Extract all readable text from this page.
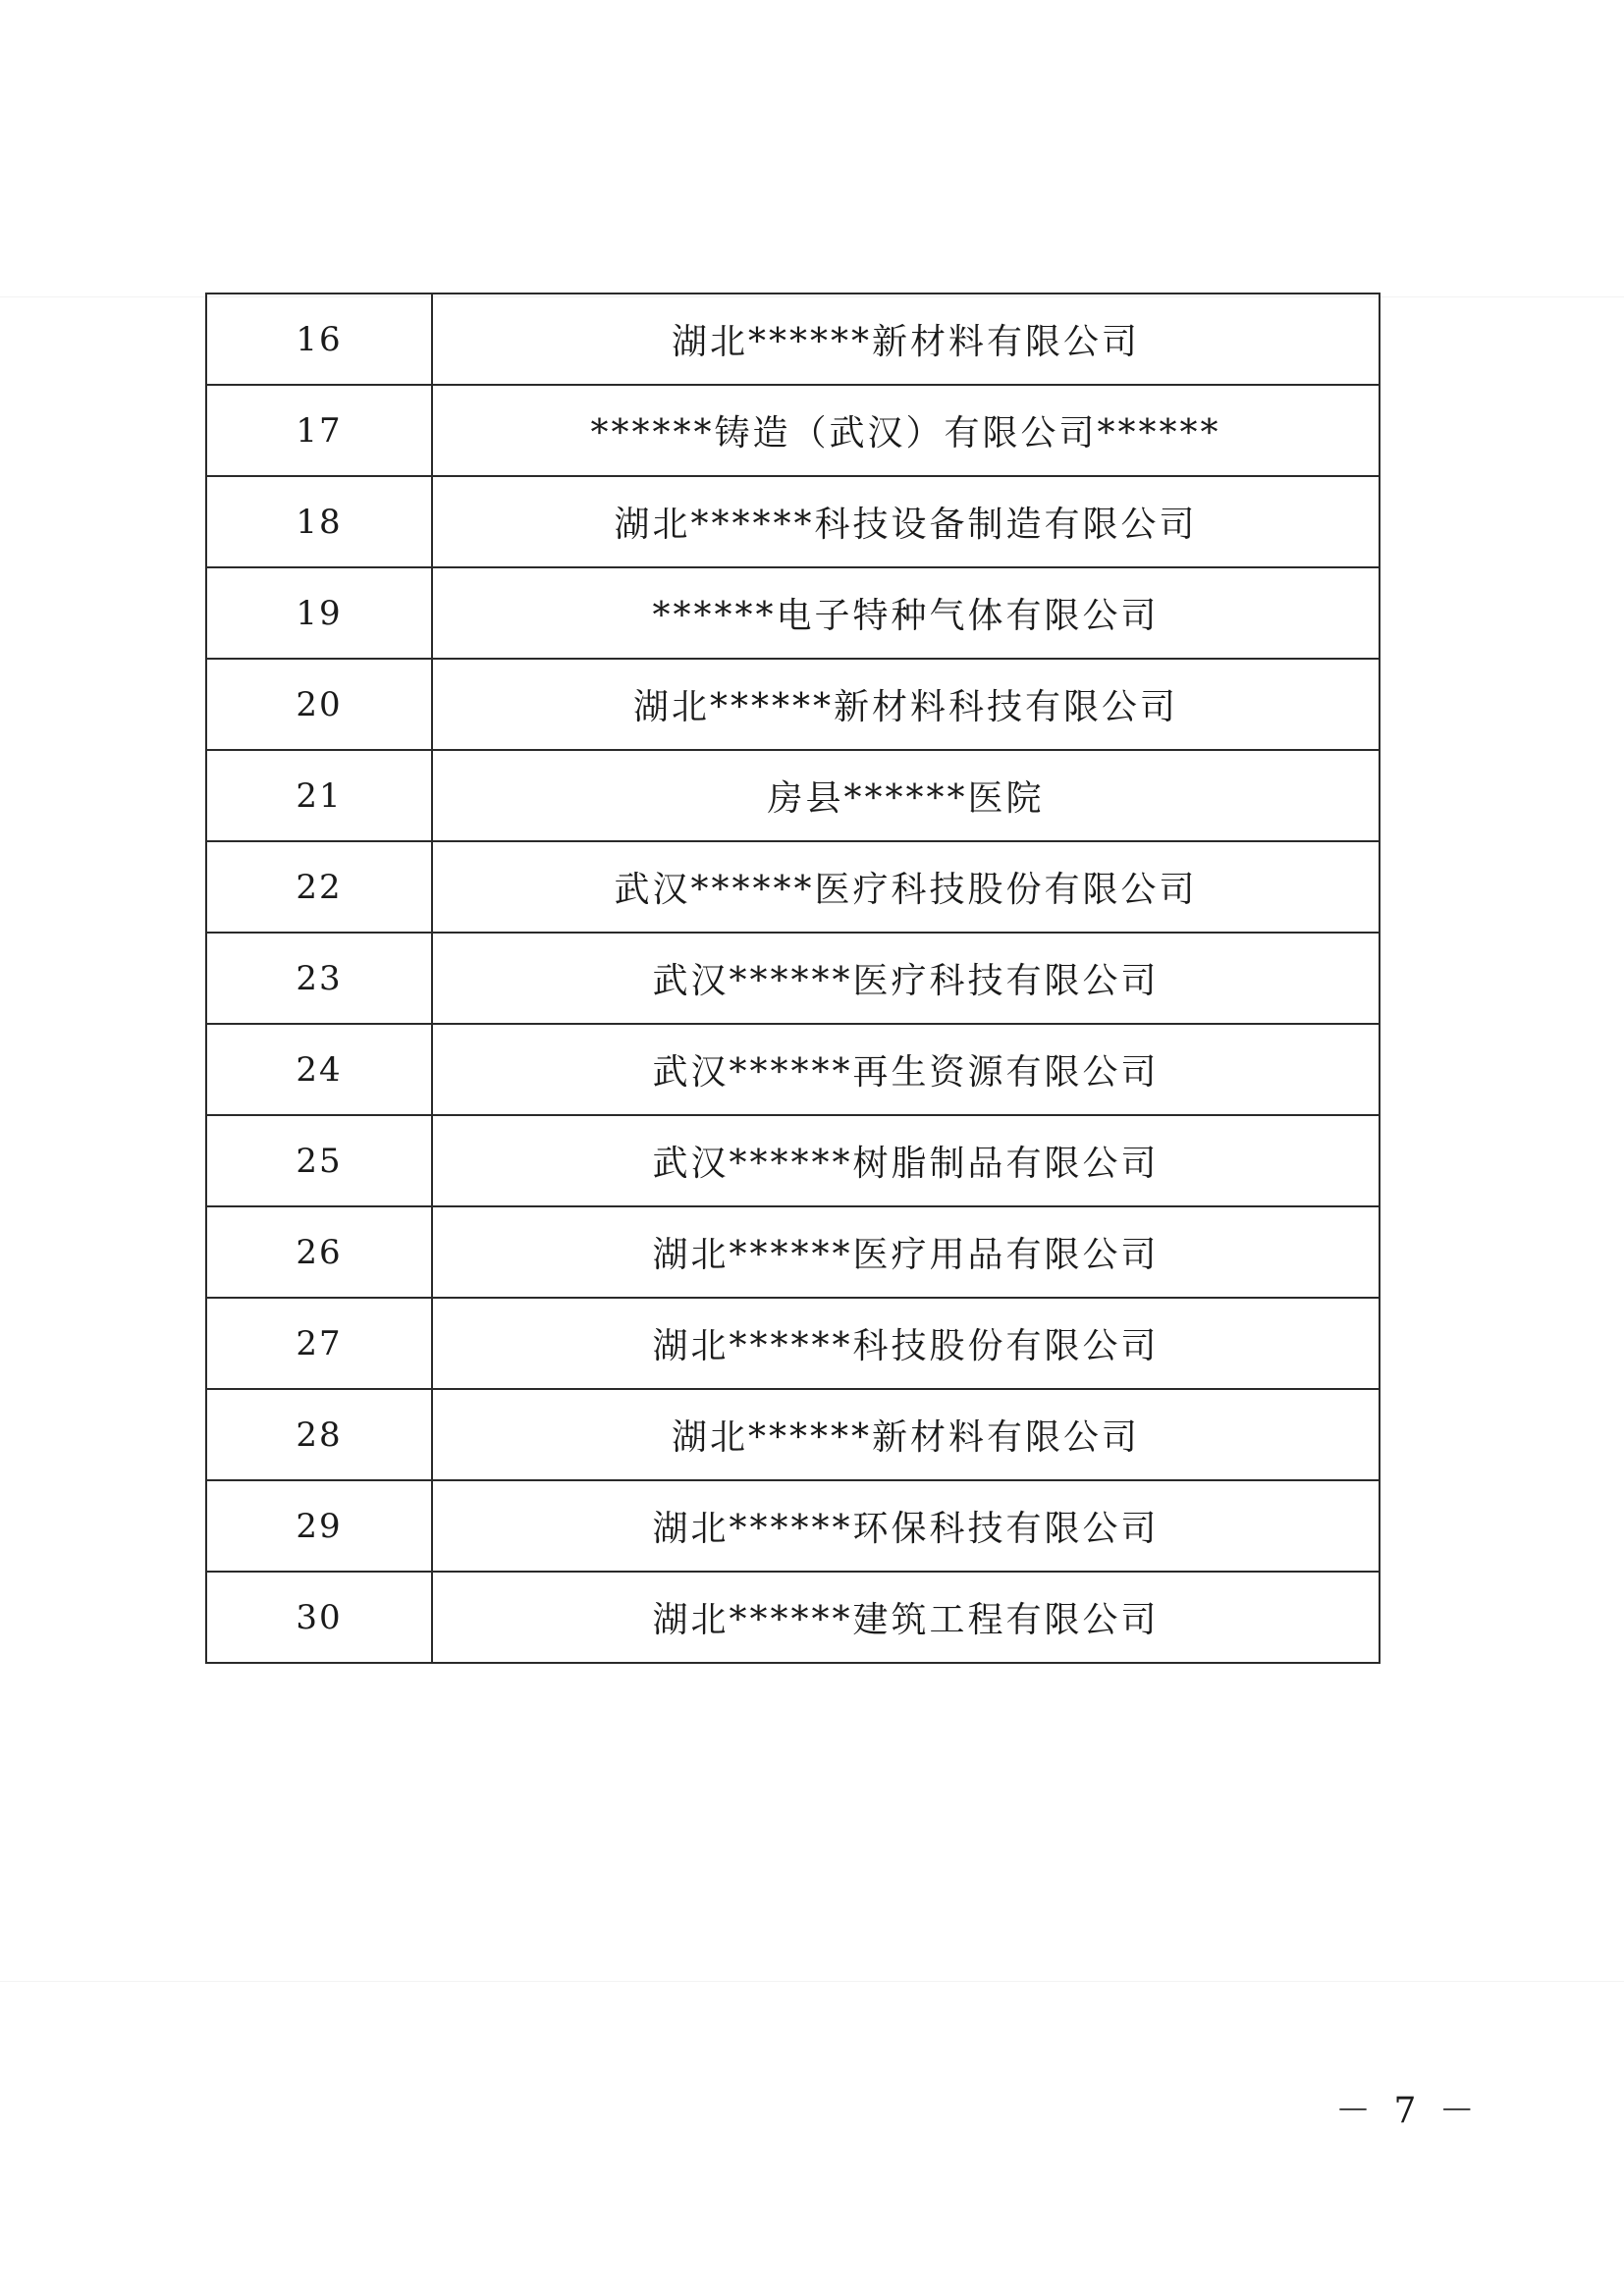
16	湖北******新材料有限公司
17	******铸造（武汉）有限公司******
18	湖北******科技设备制造有限公司
19	******电子特种气体有限公司
20	湖北******新材料科技有限公司
21	房县******医院
22	武汉******医疗科技股份有限公司
23	武汉******医疗科技有限公司
24	武汉******再生资源有限公司
25	武汉******树脂制品有限公司
26	湖北******医疗用品有限公司
27	湖北******科技股份有限公司
28	湖北******新材料有限公司
29	湖北******环保科技有限公司
30	湖北******建筑工程有限公司
－ 7 －
